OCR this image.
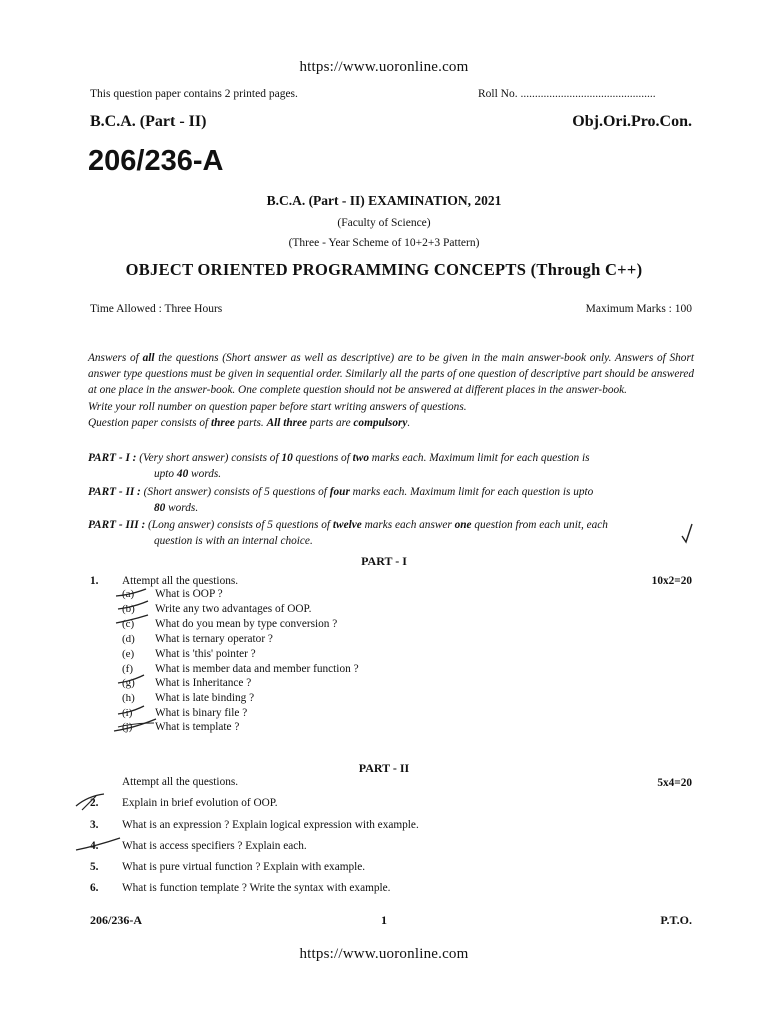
https://www.uoronline.com
This question paper contains 2 printed pages.	Roll No. ...............................................
B.C.A. (Part - II)	Obj.Ori.Pro.Con.
206/236-A
B.C.A. (Part - II) EXAMINATION, 2021
(Faculty of Science)
(Three - Year Scheme of 10+2+3 Pattern)
OBJECT ORIENTED PROGRAMMING CONCEPTS (Through C++)
Time Allowed : Three Hours	Maximum Marks : 100
Answers of all the questions (Short answer as well as descriptive) are to be given in the main answer-book only. Answers of Short answer type questions must be given in sequential order. Similarly all the parts of one question of descriptive part should be answered at one place in the answer-book. One complete question should not be answered at different places in the answer-book.
Write your roll number on question paper before start writing answers of questions.
Question paper consists of three parts. All three parts are compulsory.
PART - I : (Very short answer) consists of 10 questions of two marks each. Maximum limit for each question is
upto 40 words.
PART - II : (Short answer) consists of 5 questions of four marks each. Maximum limit for each question is upto
80 words.
PART - III : (Long answer) consists of 5 questions of twelve marks each answer one question from each unit, each
question is with an internal choice.
PART - I
1. Attempt all the questions.	10x2=20
(a)	What is OOP ?
(b)	Write any two advantages of OOP.
(c)	What do you mean by type conversion ?
(d)	What is ternary operator ?
(e)	What is 'this' pointer ?
(f)	What is member data and member function ?
(g)	What is Inheritance ?
(h)	What is late binding ?
(i)	What is binary file ?
(j)	What is template ?
PART - II
Attempt all the questions.	5x4=20
2. Explain in brief evolution of OOP.
3. What is an expression ? Explain logical expression with example.
4. What is access specifiers ? Explain each.
5. What is pure virtual function ? Explain with example.
6. What is function template ? Write the syntax with example.
206/236-A	1	P.T.O.
https://www.uoronline.com
